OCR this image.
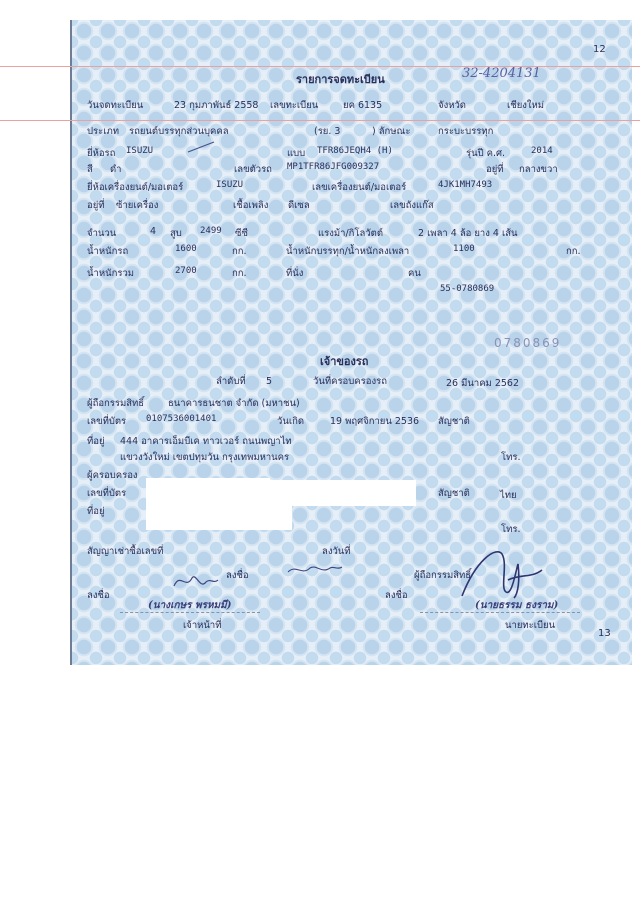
12
32-4204131
รายการจดทะเบียน
วันจดทะเบียน	23 กุมภาพันธ์ 2558 เลขทะเบียน	ยค 6135	จังหวัด	เชียงใหม่
ประเภท รถยนต์บรรทุกส่วนบุคคล	(รย. 3	) ลักษณะ	กระบะบรรทุก
ยี่ห้อรถ ISUZU	แบบ TFR86JEQH4 (H)	รุ่นปี ค.ศ.	2014
สี ดำ	เลขตัวรถ MP1TFR86JFG009327	อยู่ที่ กลางขวา
ยี่ห้อเครื่องยนต์/มอเตอร์	ISUZU	เลขเครื่องยนต์/มอเตอร์	4JK1MH7493
อยู่ที่ ซ้ายเครื่อง	เชื้อเพลิง ดีเซล	เลขถังแก๊ส
จำนวน	4 สูบ 2499 ซีซี	แรงม้า/กิโลวัตต์	2 เพลา 4 ล้อ ยาง 4 เส้น
น้ำหนักรถ	1600	กก.	น้ำหนักบรรทุก/น้ำหนักลงเพลา	1100	กก.
น้ำหนักรวม	2700	กก.	ที่นั่ง	คน
55-0780869
0780869
เจ้าของรถ
ลำดับที่ 5	วันที่ครอบครองรถ	26 มีนาคม 2562
ผู้ถือกรรมสิทธิ์	ธนาคารธนชาต จำกัด (มหาชน)
เลขที่บัตร 0107536001401	วันเกิด	19 พฤศจิกายน 2536 สัญชาติ
ที่อยู่ 444 อาคารเอ็มบีเค ทาวเวอร์ ถนนพญาไท
แขวงวังใหม่ เขตปทุมวัน กรุงเทพมหานคร	โทร.
ผู้ครอบครอง
เลขที่บัตร	สัญชาติ	ไทย
ที่อยู่
โทร.
สัญญาเช่าซื้อเลขที่	ลงวันที่
ลงชื่อ	ผู้ถือกรรมสิทธิ์
ลงชื่อ	ลงชื่อ
(นางเกษร พรหมมี)	(นายธรรม ธงราม)
เจ้าหน้าที่	นายทะเบียน
13
